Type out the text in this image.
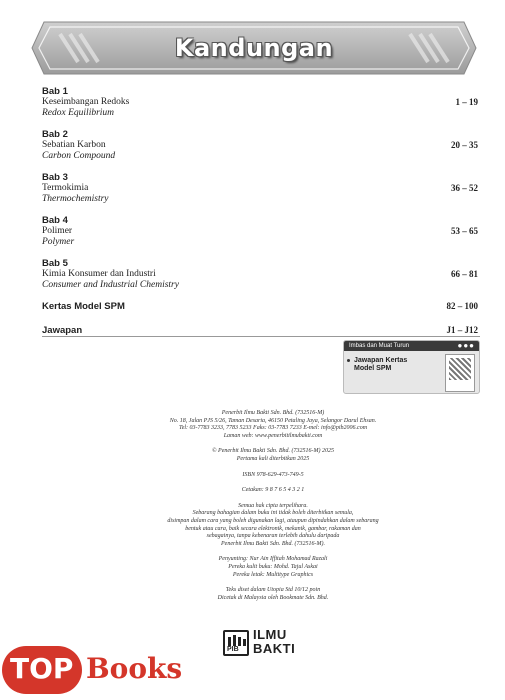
Kandungan
Bab 1
Keseimbangan Redoks
Redox Equilibrium
1 – 19
Bab 2
Sebatian Karbon
Carbon Compound
20 – 35
Bab 3
Termokimia
Thermochemistry
36 – 52
Bab 4
Polimer
Polymer
53 – 65
Bab 5
Kimia Konsumer dan Industri
Consumer and Industrial Chemistry
66 – 81
Kertas Model SPM	82 – 100
Jawapan	J1 – J12
Imbas dan Muat Turun	●●●
Jawapan Kertas
Model SPM
Penerbit Ilmu Bakti Sdn. Bhd. (732516-M)
No. 18, Jalan PJS 5/26, Taman Desaria, 46150 Petaling Jaya, Selangor Darul Ehsan.
Tel: 03-7783 3233, 7783 5233 Faks: 03-7783 7233 E-mel: info@pib2006.com
Laman web: www.penerbitilmubakti.com
© Penerbit Ilmu Bakti Sdn. Bhd. (732516-M) 2025
Pertama kali diterbitkan 2025
ISBN 978-629-473-749-5
Cetakan: 9 8 7 6 5 4 3 2 1
Semua hak cipta terpelihara.
Sebarang bahagian dalam buku ini tidak boleh diterbitkan semula,
disimpan dalam cara yang boleh digunakan lagi, ataupun dipindahkan dalam sebarang
bentuk atau cara, baik secara elektronik, mekanik, gambar, rakaman dan
sebagainya, tanpa kebenaran terlebih dahulu daripada
Penerbit Ilmu Bakti Sdn. Bhd. (732516-M).
Penyunting: Nur Ain Iffitah Mohamad Razali
Pereka kulit buku: Mohd. Tajul Askai
Pereka letak: Multitype Graphics
Teks diset dalam Utopia Std 10/12 poin
Dicetak di Malaysia oleh Bookmate Sdn. Bhd.
PIB
ILMU
BAKTI
TOP Books
